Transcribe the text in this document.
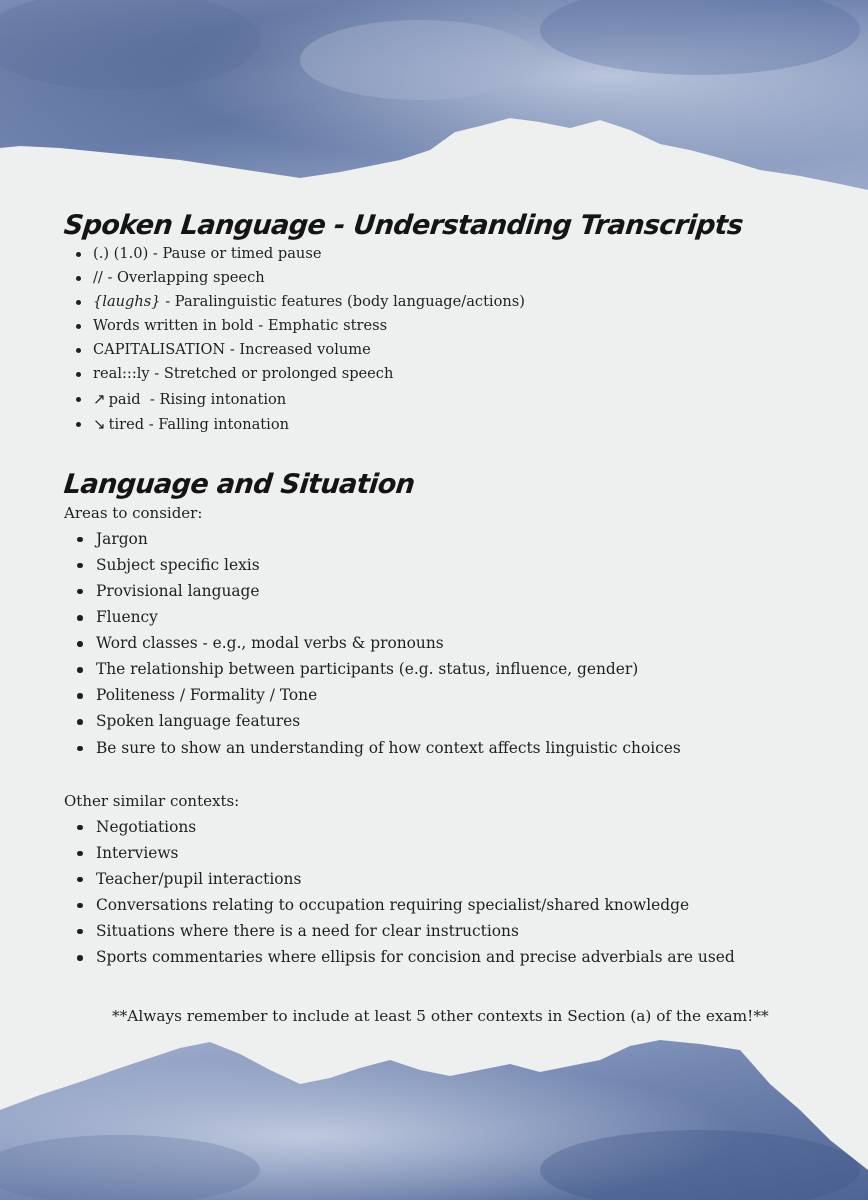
Spoken Language - Understanding Transcripts
(.) (1.0) - Pause or timed pause
// - Overlapping speech
{laughs} - Paralinguistic features (body language/actions)
Words written in bold - Emphatic stress
CAPITALISATION - Increased volume
real:::ly - Stretched or prolonged speech
↗ paid  - Rising intonation
↘ tired - Falling intonation
Language and Situation
Areas to consider:
Jargon
Subject specific lexis
Provisional language
Fluency
Word classes - e.g., modal verbs & pronouns
The relationship between participants (e.g. status, influence, gender)
Politeness / Formality / Tone
Spoken language features
Be sure to show an understanding of how context affects linguistic choices
Other similar contexts:
Negotiations
Interviews
Teacher/pupil interactions
Conversations relating to occupation requiring specialist/shared knowledge
Situations where there is a need for clear instructions
Sports commentaries where ellipsis for concision and precise adverbials are used
**Always remember to include at least 5 other contexts in Section (a) of the exam!**
